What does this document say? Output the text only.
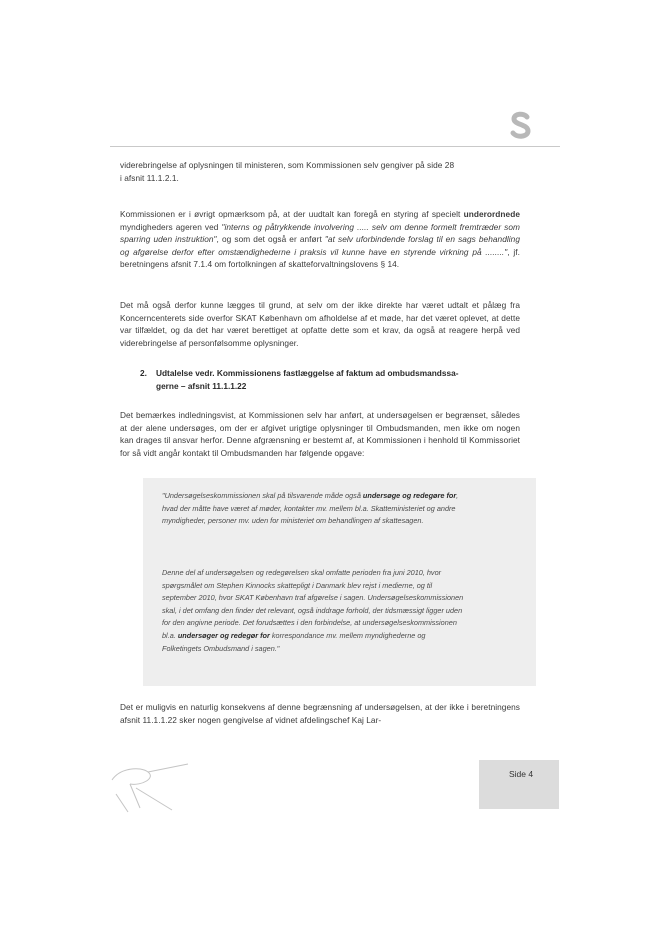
viderebringelse af oplysningen til ministeren, som Kommissionen selv gengiver på side 28
i afsnit 11.1.2.1.

Kommissionen er i øvrigt opmærksom på, at der uudtalt kan foregå en styring af specielt underordnede myndigheders ageren ved "interns og påtrykkende involvering ..... selv om denne formelt fremtræder som sparring uden instruktion", og som det også er anført "at selv uforbindende forslag til en sags behandling og afgørelse derfor efter omstændighederne i praksis vil kunne have en styrende virkning på ........", jf. beretningens afsnit 7.1.4 om fortolkningen af skatteforvaltningslovens § 14.

Det må også derfor kunne lægges til grund, at selv om der ikke direkte har været udtalt et pålæg fra Koncerncenterets side overfor SKAT København om afholdelse af et møde, har det været oplevet, at dette var tilfældet, og da det har været berettiget at opfatte dette som et krav, da også at reagere herpå ved viderebringelse af personfølsomme oplysninger.

2. Udtalelse vedr. Kommissionens fastlæggelse af faktum ad ombudsmandssa-
gerne – afsnit 11.1.1.22

Det bemærkes indledningsvist, at Kommissionen selv har anført, at undersøgelsen er begrænset, således at der alene undersøges, om der er afgivet urigtige oplysninger til Ombudsmanden, men ikke om nogen kan drages til ansvar herfor. Denne afgrænsning er bestemt af, at Kommissionen i henhold til Kommissoriet for så vidt angår kontakt til Ombudsmanden har følgende opgave:

"Undersøgelseskommissionen skal på tilsvarende måde også undersøge og redegøre for, hvad der måtte have været af møder, kontakter mv. mellem bl.a. Skatteministeriet og andre myndigheder, personer mv. uden for ministeriet om behandlingen af skattesagen.

Denne del af undersøgelsen og redegørelsen skal omfatte perioden fra juni 2010, hvor spørgsmålet om Stephen Kinnocks skattepligt i Danmark blev rejst i medierne, og til september 2010, hvor SKAT København traf afgørelse i sagen. Undersøgelseskommissionen skal, i det omfang den finder det relevant, også inddrage forhold, der tidsmæssigt ligger uden for den angivne periode. Det forudsættes i den forbindelse, at undersøgelseskommissionen bl.a. undersøger og redegør for korrespondance mv. mellem myndighederne og Folketingets Ombudsmand i sagen."

Det er muligvis en naturlig konsekvens af denne begrænsning af undersøgelsen, at der ikke i beretningens afsnit 11.1.1.22 sker nogen gengivelse af vidnet afdelingschef Kaj Lar-

Side 4
